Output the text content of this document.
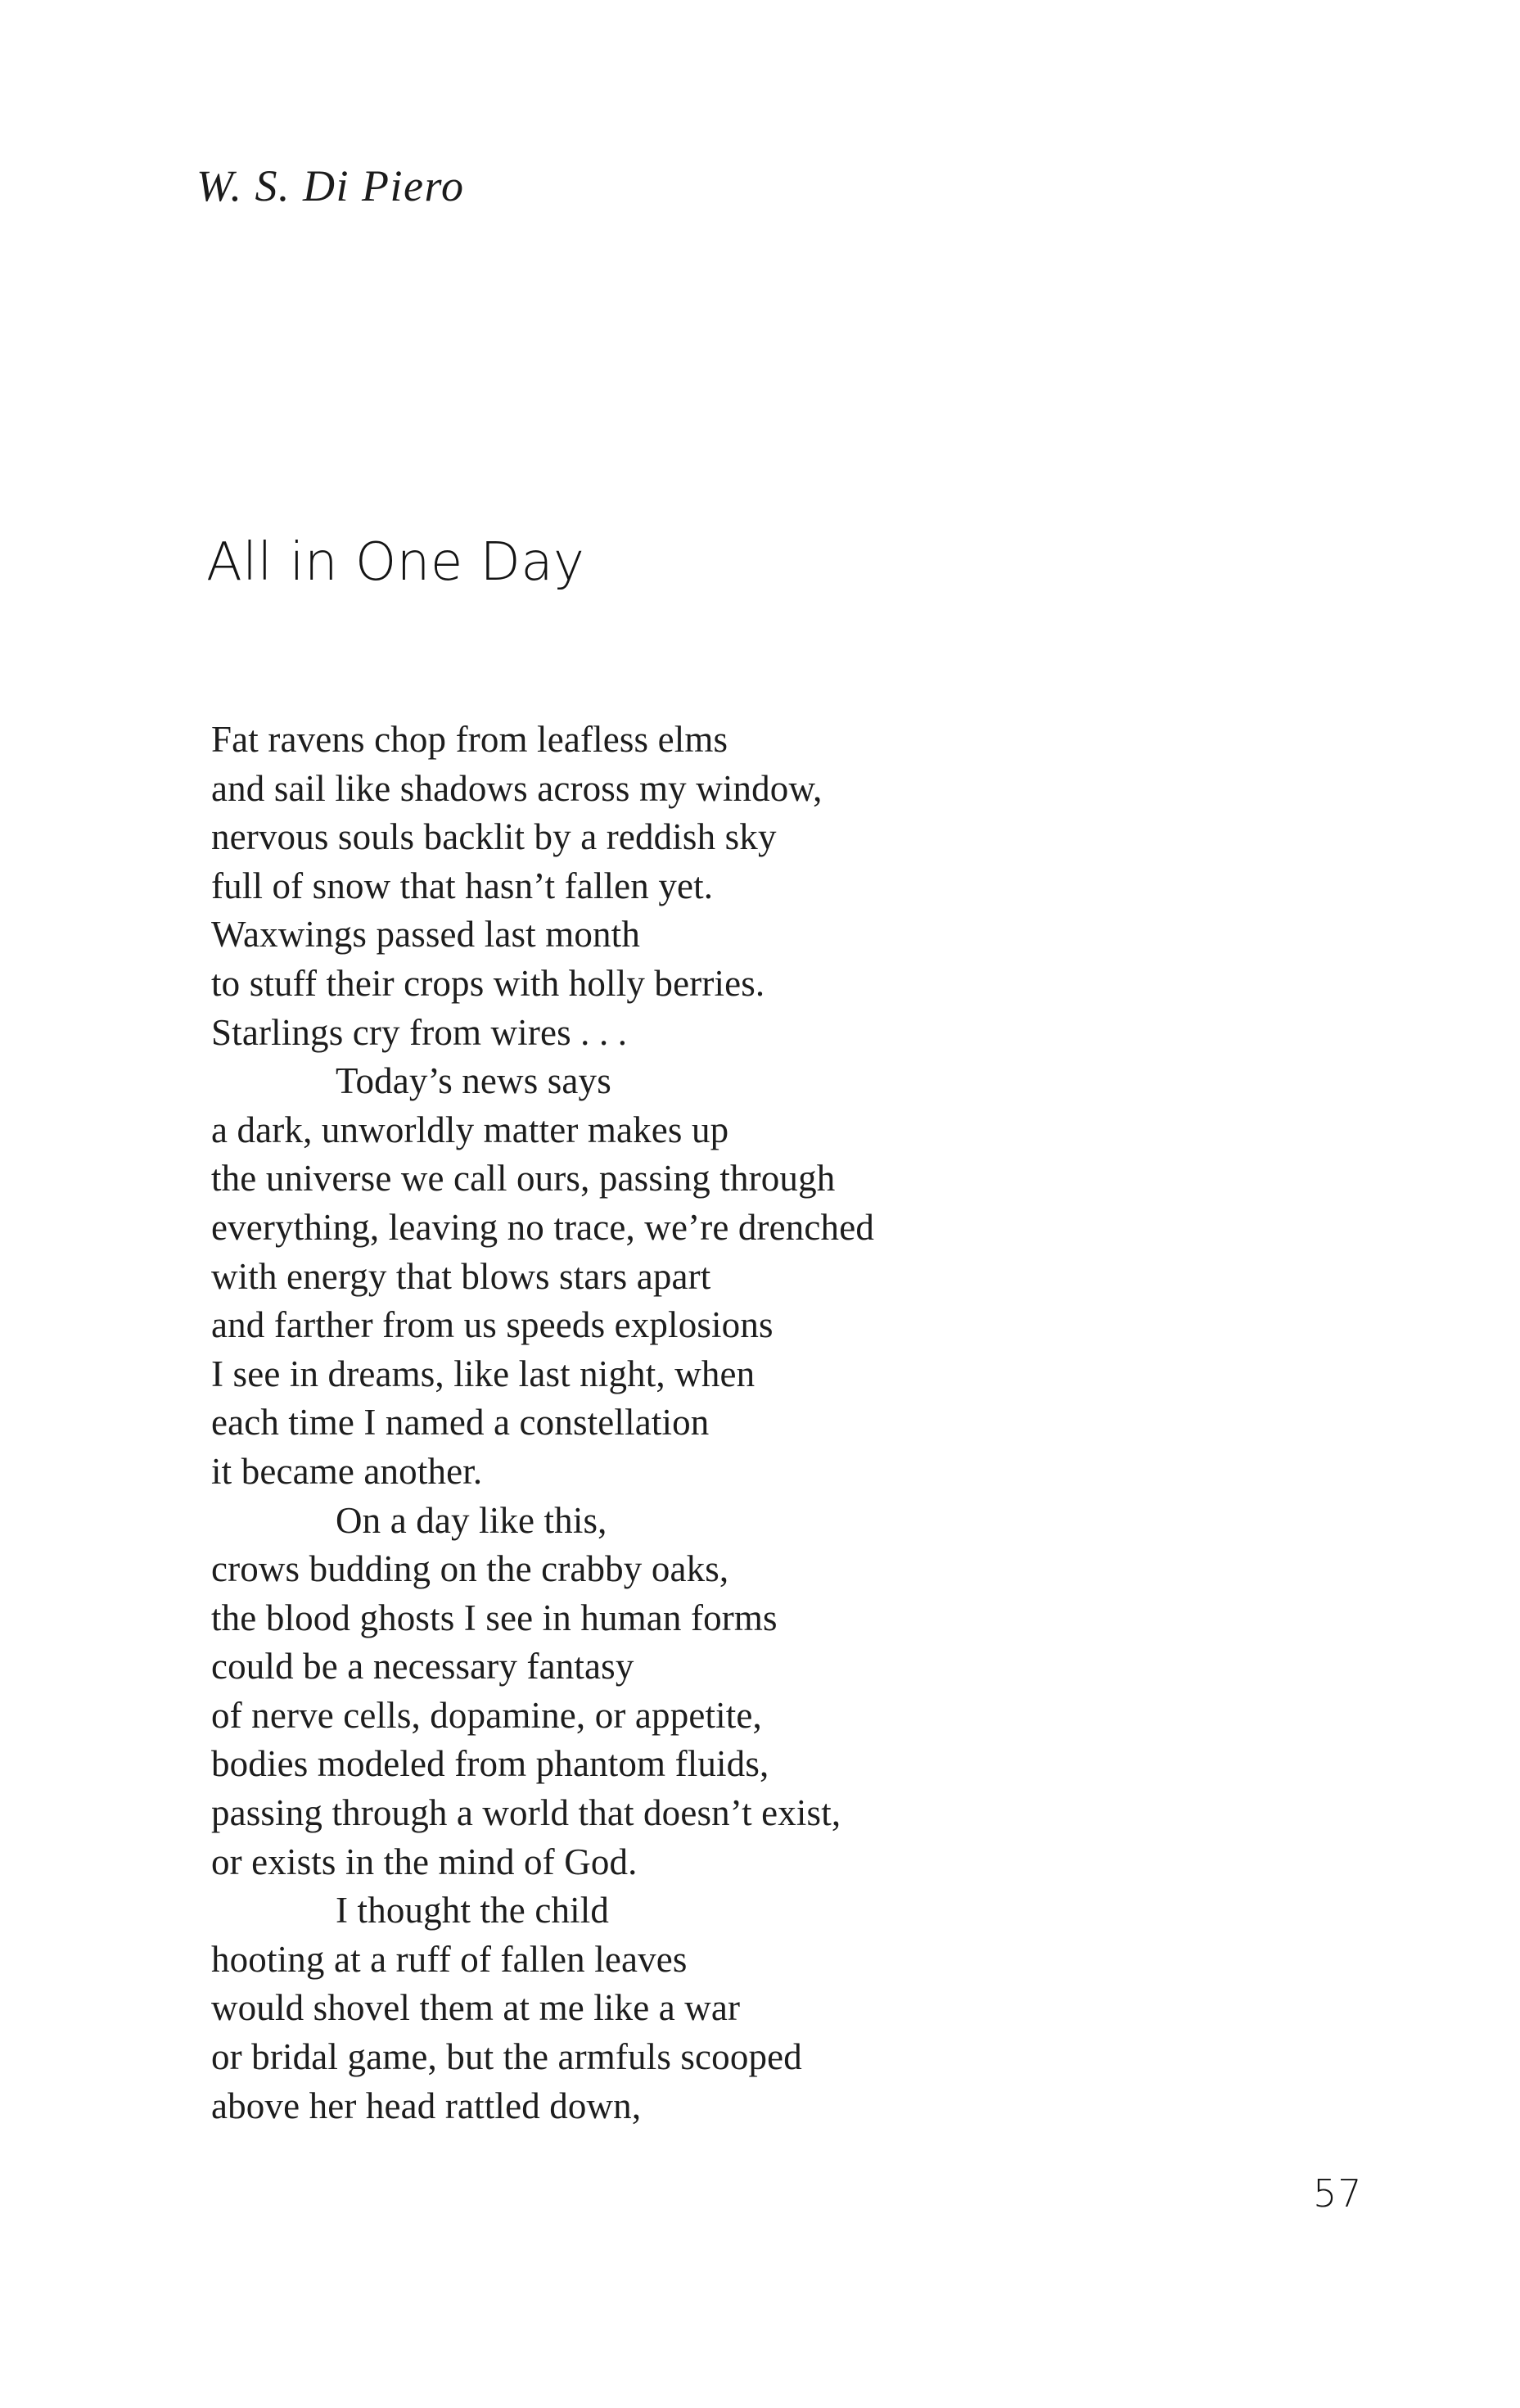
W. S. Di Piero
All in One Day
Fat ravens chop from leafless elms
and sail like shadows across my window,
nervous souls backlit by a reddish sky
full of snow that hasn’t fallen yet.
Waxwings passed last month
to stuff their crops with holly berries.
Starlings cry from wires . . .
Today’s news says
a dark, unworldly matter makes up
the universe we call ours, passing through
everything, leaving no trace, we’re drenched
with energy that blows stars apart
and farther from us speeds explosions
I see in dreams, like last night, when
each time I named a constellation
it became another.
On a day like this,
crows budding on the crabby oaks,
the blood ghosts I see in human forms
could be a necessary fantasy
of nerve cells, dopamine, or appetite,
bodies modeled from phantom fluids,
passing through a world that doesn’t exist,
or exists in the mind of God.
I thought the child
hooting at a ruff of fallen leaves
would shovel them at me like a war
or bridal game, but the armfuls scooped
above her head rattled down,
57
